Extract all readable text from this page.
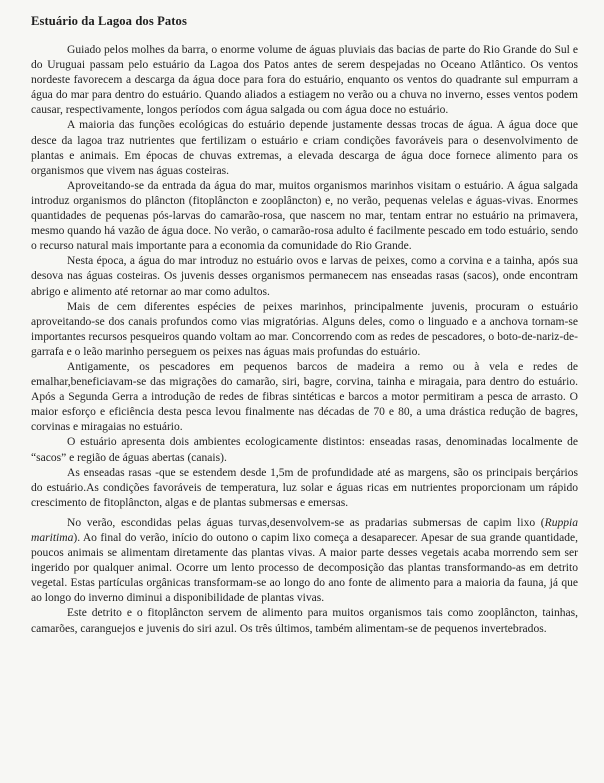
Estuário da Lagoa dos Patos

Guiado pelos molhes da barra, o enorme volume de águas pluviais das bacias de parte do Rio Grande do Sul e do Uruguai passam pelo estuário da Lagoa dos Patos antes de serem despejadas no Oceano Atlântico. Os ventos nordeste favorecem a descarga da água doce para fora do estuário, enquanto os ventos do quadrante sul empurram a água do mar para dentro do estuário. Quando aliados a estiagem no verão ou a chuva no inverno, esses ventos podem causar, respectivamente, longos períodos com água salgada ou com água doce no estuário.

A maioria das funções ecológicas do estuário depende justamente dessas trocas de água. A água doce que desce da lagoa traz nutrientes que fertilizam o estuário e criam condições favoráveis para o desenvolvimento de plantas e animais. Em épocas de chuvas extremas, a elevada descarga de água doce fornece alimento para os organismos que vivem nas águas costeiras.

Aproveitando-se da entrada da água do mar, muitos organismos marinhos visitam o estuário. A água salgada introduz organismos do plâncton (fitoplâncton e zooplâncton) e, no verão, pequenas velelas e águas-vivas. Enormes quantidades de pequenas pós-larvas do camarão-rosa, que nascem no mar, tentam entrar no estuário na primavera, mesmo quando há vazão de água doce. No verão, o camarão-rosa adulto é facilmente pescado em todo estuário, sendo o recurso natural mais importante para a economia da comunidade do Rio Grande.

Nesta época, a água do mar introduz no estuário ovos e larvas de peixes, como a corvina e a tainha, após sua desova nas águas costeiras. Os juvenis desses organismos permanecem nas enseadas rasas (sacos), onde encontram abrigo e alimento até retornar ao mar como adultos.

Mais de cem diferentes espécies de peixes marinhos, principalmente juvenis, procuram o estuário aproveitando-se dos canais profundos como vias migratórias. Alguns deles, como o linguado e a anchova tornam-se importantes recursos pesqueiros quando voltam ao mar. Concorrendo com as redes de pescadores, o boto-de-nariz-de-garrafa e o leão marinho perseguem os peixes nas águas mais profundas do estuário.

Antigamente, os pescadores em pequenos barcos de madeira a remo ou à vela e redes de emalhar,beneficiavam-se das migrações do camarão, siri, bagre, corvina, tainha e miragaia, para dentro do estuário. Após a Segunda Gerra a introdução de redes de fibras sintéticas e barcos a motor permitiram a pesca de arrasto. O maior esforço e eficiência desta pesca levou finalmente nas décadas de 70 e 80, a uma drástica redução de bagres, corvinas e miragaias no estuário.

O estuário apresenta dois ambientes ecologicamente distintos: enseadas rasas, denominadas localmente de “sacos” e região de águas abertas (canais).

As enseadas rasas -que se estendem desde 1,5m de profundidade até as margens, são os principais berçários do estuário.As condições favoráveis de temperatura, luz solar e águas ricas em nutrientes proporcionam um rápido crescimento de fitoplâncton, algas e de plantas submersas e emersas.

No verão, escondidas pelas águas turvas,desenvolvem-se as pradarias submersas de capim lixo (Ruppia maritima). Ao final do verão, início do outono o capim lixo começa a desaparecer. Apesar de sua grande quantidade, poucos animais se alimentam diretamente das plantas vivas. A maior parte desses vegetais acaba morrendo sem ser ingerido por qualquer animal. Ocorre um lento processo de decomposição das plantas transformando-as em detrito vegetal. Estas partículas orgânicas transformam-se ao longo do ano fonte de alimento para a maioria da fauna, já que ao longo do inverno diminui a disponibilidade de plantas vivas.

Este detrito e o fitoplâncton servem de alimento para muitos organismos tais como zooplâncton, tainhas, camarões, caranguejos e juvenis do siri azul. Os três últimos, também alimentam-se de pequenos invertebrados.
